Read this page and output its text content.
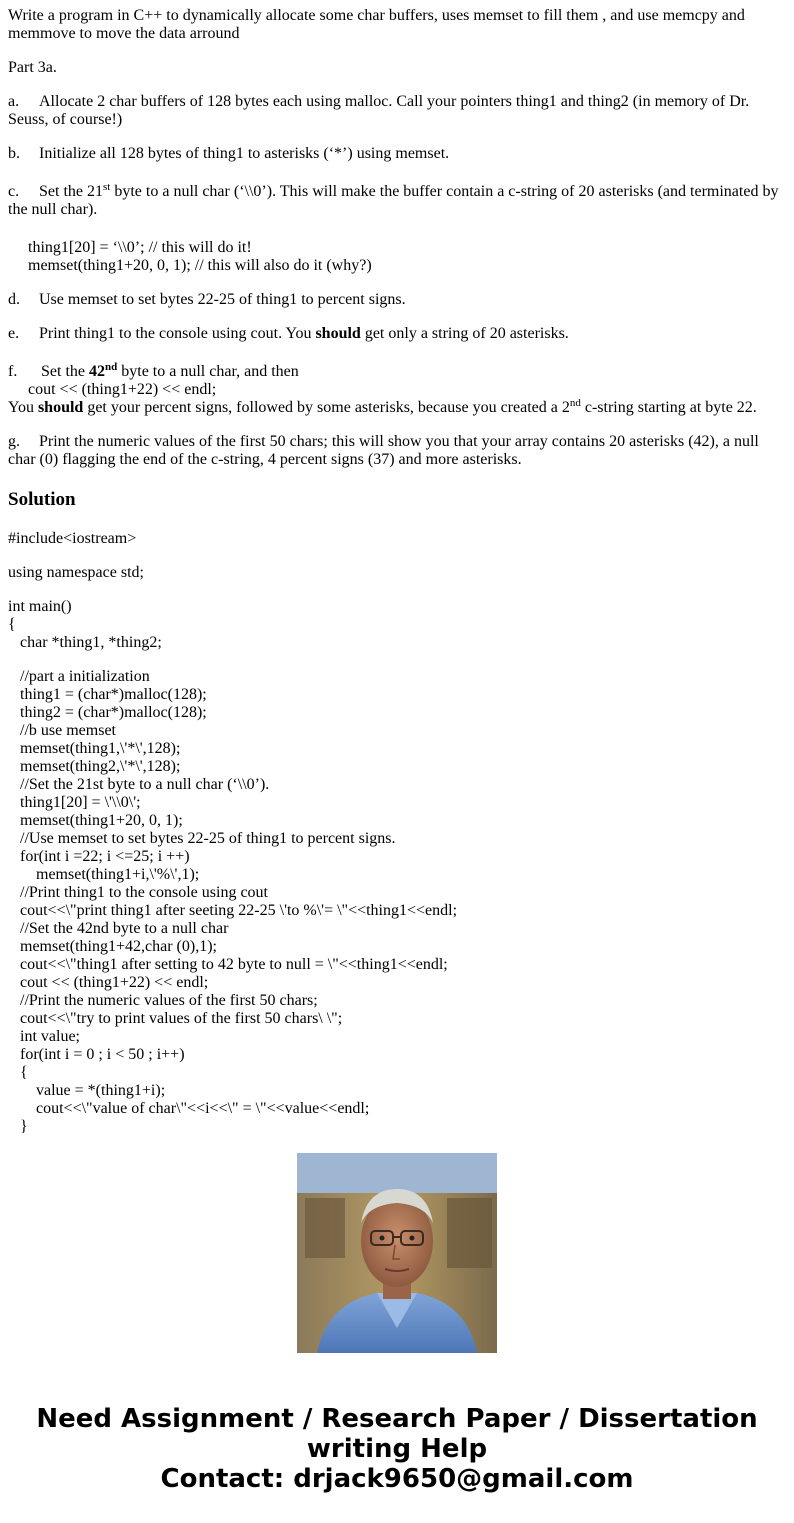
Write a program in C++ to dynamically allocate some char buffers, uses memset to fill them , and use memcpy and memmove to move the data arround

Part 3a.

a. Allocate 2 char buffers of 128 bytes each using malloc. Call your pointers thing1 and thing2 (in memory of Dr. Seuss, of course!)

b. Initialize all 128 bytes of thing1 to asterisks (‘*’) using memset.

c. Set the 21st byte to a null char (‘\\0’). This will make the buffer contain a c-string of 20 asterisks (and terminated by the null char).

thing1[20] = ‘\\0’; // this will do it!

memset(thing1+20, 0, 1); // this will also do it (why?)

d. Use memset to set bytes 22-25 of thing1 to percent signs.

e. Print thing1 to the console using cout. You should get only a string of 20 asterisks.

f. Set the 42nd byte to a null char, and then

cout << (thing1+22) << endl;

You should get your percent signs, followed by some asterisks, because you created a 2nd c-string starting at byte 22.

g. Print the numeric values of the first 50 chars; this will show you that your array contains 20 asterisks (42), a null char (0) flagging the end of the c-string, 4 percent signs (37) and more asterisks.

Solution
#include<iostream>
using namespace std;
int main()
{
char *thing1, *thing2;
//part a initialization
thing1 = (char*)malloc(128);
thing2 = (char*)malloc(128);
//b use memset
memset(thing1,\'*\',128);
memset(thing2,\'*\',128);
//Set the 21st byte to a null char (‘\\0’).
thing1[20] = \'\\0\';
memset(thing1+20, 0, 1);
//Use memset to set bytes 22-25 of thing1 to percent signs.
for(int i =22; i <=25; i ++)
memset(thing1+i,\'%\',1);
//Print thing1 to the console using cout
cout<<\"print thing1 after seeting 22-25 \'to %\'= \"<<thing1<<endl;
//Set the 42nd byte to a null char
memset(thing1+42,char (0),1);
cout<<\"thing1 after setting to 42 byte to null = \"<<thing1<<endl;
cout << (thing1+22) << endl;
//Print the numeric values of the first 50 chars;
cout<<\"try to print values of the first 50 chars\ \";
int value;
for(int i = 0 ; i < 50 ; i++)
{
value = *(thing1+i);
cout<<\"value of char\"<<i<<\" = \"<<value<<endl;
}
Need Assignment / Research Paper / Dissertation
writing Help
Contact: drjack9650@gmail.com
